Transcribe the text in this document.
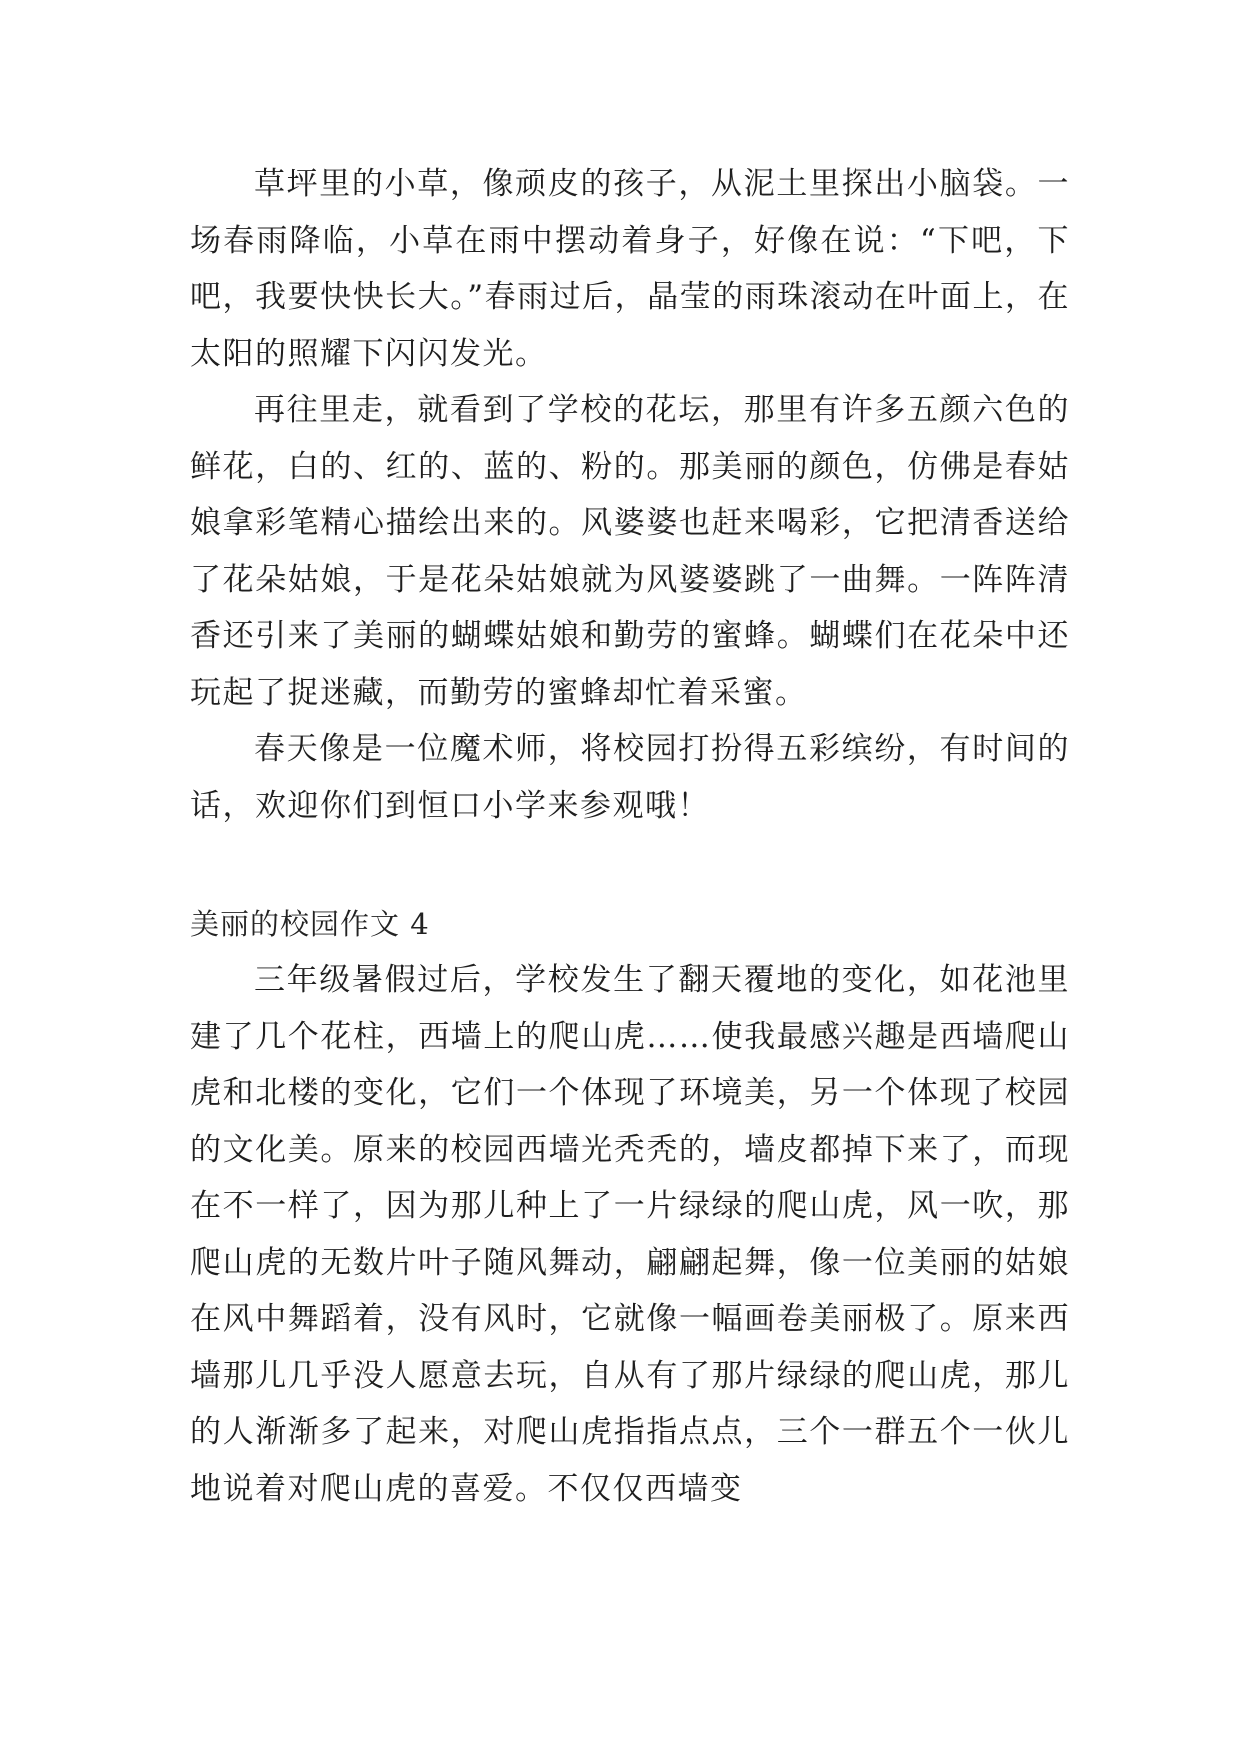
草坪里的小草，像顽皮的孩子，从泥土里探出小脑袋。一场春雨降临，小草在雨中摆动着身子，好像在说：“下吧，下吧，我要快快长大。”春雨过后，晶莹的雨珠滚动在叶面上，在太阳的照耀下闪闪发光。

再往里走，就看到了学校的花坛，那里有许多五颜六色的鲜花，白的、红的、蓝的、粉的。那美丽的颜色，仿佛是春姑娘拿彩笔精心描绘出来的。风婆婆也赶来喝彩，它把清香送给了花朵姑娘，于是花朵姑娘就为风婆婆跳了一曲舞。一阵阵清香还引来了美丽的蝴蝶姑娘和勤劳的蜜蜂。蝴蝶们在花朵中还玩起了捉迷藏，而勤劳的蜜蜂却忙着采蜜。

春天像是一位魔术师，将校园打扮得五彩缤纷，有时间的话，欢迎你们到恒口小学来参观哦！

美丽的校园作文 4

三年级暑假过后，学校发生了翻天覆地的变化，如花池里建了几个花柱，西墙上的爬山虎……使我最感兴趣是西墙爬山虎和北楼的变化，它们一个体现了环境美，另一个体现了校园的文化美。原来的校园西墙光秃秃的，墙皮都掉下来了，而现在不一样了，因为那儿种上了一片绿绿的爬山虎，风一吹，那爬山虎的无数片叶子随风舞动，翩翩起舞，像一位美丽的姑娘在风中舞蹈着，没有风时，它就像一幅画卷美丽极了。原来西墙那儿几乎没人愿意去玩，自从有了那片绿绿的爬山虎，那儿的人渐渐多了起来，对爬山虎指指点点，三个一群五个一伙儿地说着对爬山虎的喜爱。不仅仅西墙变
